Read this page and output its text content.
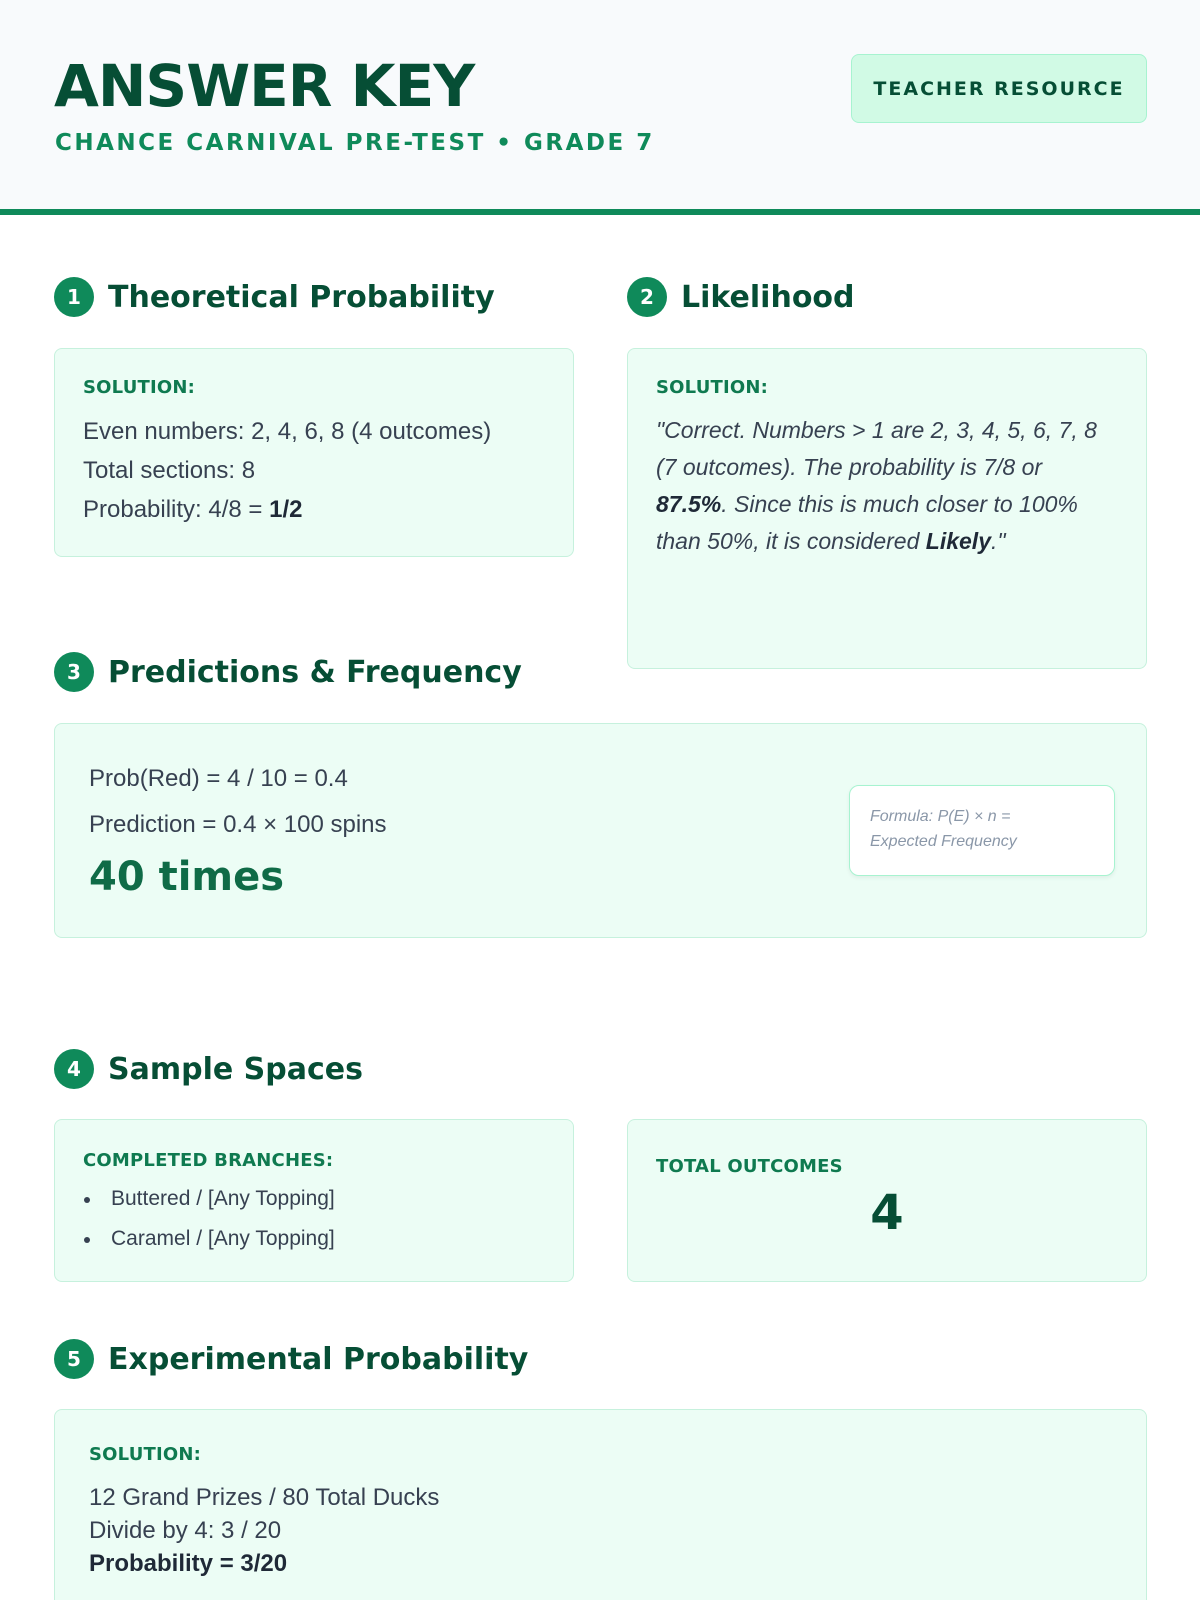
ANSWER KEY
CHANCE CARNIVAL PRE-TEST • GRADE 7
TEACHER RESOURCE
1 Theoretical Probability
SOLUTION:
Even numbers: 2, 4, 6, 8 (4 outcomes)
Total sections: 8
Probability: 4/8 = 1/2
2 Likelihood
SOLUTION:
"Correct. Numbers > 1 are 2, 3, 4, 5, 6, 7, 8 (7 outcomes). The probability is 7/8 or 87.5%. Since this is much closer to 100% than 50%, it is considered Likely."
3 Predictions & Frequency
Prob(Red) = 4 / 10 = 0.4
Prediction = 0.4 × 100 spins
40 times

Formula: P(E) × n =

Expected Frequency

4 Sample Spaces
COMPLETED BRANCHES:
Buttered / [Any Topping]
Caramel / [Any Topping]
TOTAL OUTCOMES
4
5 Experimental Probability
SOLUTION:
12 Grand Prizes / 80 Total Ducks
Divide by 4: 3 / 20
Probability = 3/20
